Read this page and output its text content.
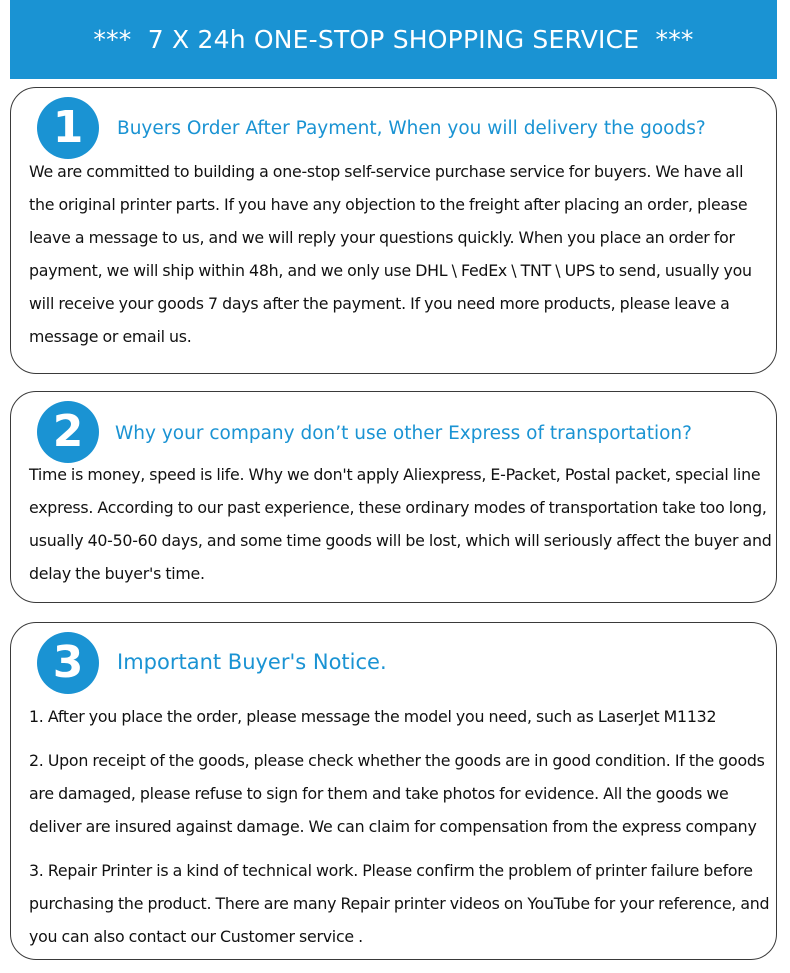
***  7 X 24h ONE-STOP SHOPPING SERVICE  ***
1 Buyers Order After Payment, When you will delivery the goods?

We are committed to building a one-stop self-service purchase service for buyers. We have all the original printer parts. If you have any objection to the freight after placing an order, please leave a message to us, and we will reply your questions quickly. When you place an order for payment, we will ship within 48h, and we only use DHL \ FedEx \ TNT \ UPS to send, usually you will receive your goods 7 days after the payment. If you need more products, please leave a message or email us.

2 Why your company don’t use other Express of transportation?

Time is money, speed is life. Why we don't apply Aliexpress, E-Packet, Postal packet, special line express. According to our past experience, these ordinary modes of transportation take too long, usually 40-50-60 days, and some time goods will be lost, which will seriously affect the buyer and delay the buyer's time.

3 Important Buyer's Notice.

1. After you place the order, please message the model you need, such as LaserJet M1132

2. Upon receipt of the goods, please check whether the goods are in good condition. If the goods are damaged, please refuse to sign for them and take photos for evidence. All the goods we deliver are insured against damage. We can claim for compensation from the express company

3. Repair Printer is a kind of technical work. Please confirm the problem of printer failure before purchasing the product. There are many Repair printer videos on YouTube for your reference, and you can also contact our Customer service .
